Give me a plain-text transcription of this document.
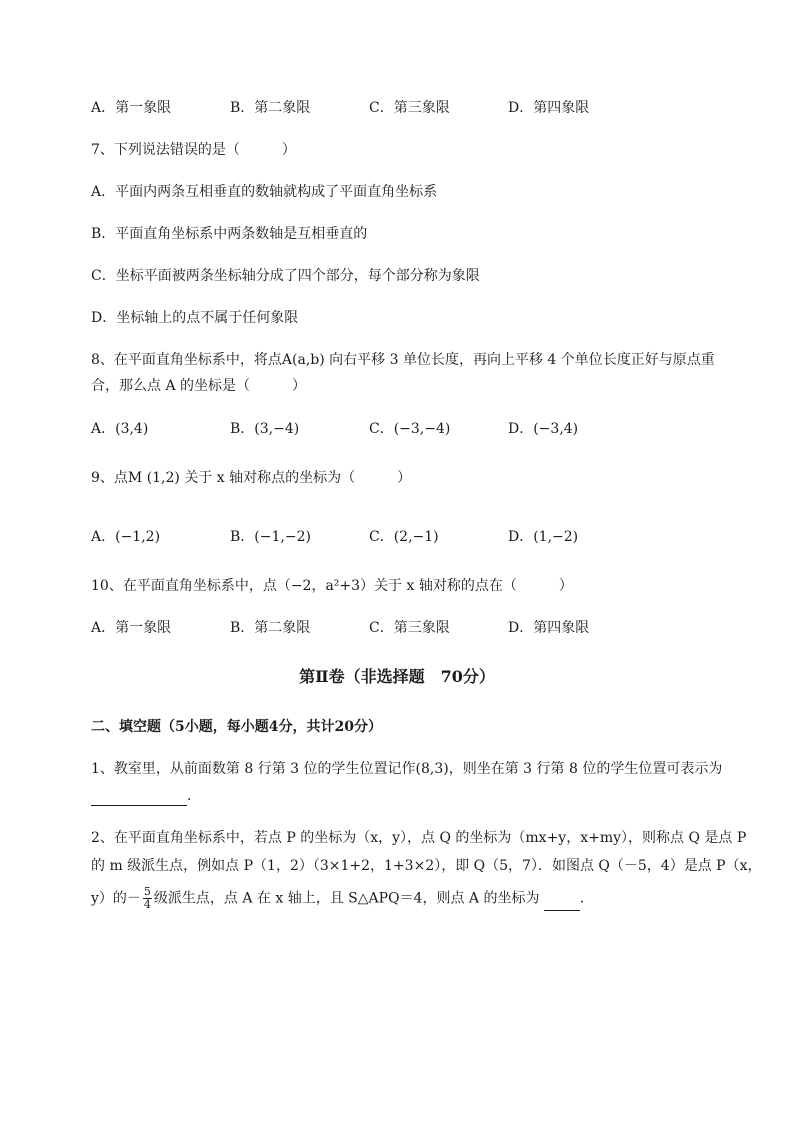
A．第一象限	B．第二象限	C．第三象限	D．第四象限
7、下列说法错误的是（　　　）
A．平面内两条互相垂直的数轴就构成了平面直角坐标系
B．平面直角坐标系中两条数轴是互相垂直的
C．坐标平面被两条坐标轴分成了四个部分，每个部分称为象限
D．坐标轴上的点不属于任何象限
8、在平面直角坐标系中，将点A(a,b) 向右平移 3 单位长度，再向上平移 4 个单位长度正好与原点重
合，那么点 A 的坐标是（　　　）
A．(3,4)	B．(3,−4)	C．(−3,−4)	D．(−3,4)
9、点M (1,2) 关于 x 轴对称点的坐标为（　　　）
A．(−1,2)	B．(−1,−2)	C．(2,−1)	D．(1,−2)
10、在平面直角坐标系中，点（−2，a²+3）关于 x 轴对称的点在（　　　）
A．第一象限	B．第二象限	C．第三象限	D．第四象限
第Ⅱ卷（非选择题　70分）
二、填空题（5小题，每小题4分，共计20分）
1、教室里，从前面数第 8 行第 3 位的学生位置记作(8,3)，则坐在第 3 行第 8 位的学生位置可表示为
.
2、在平面直角坐标系中，若点 P 的坐标为（x，y），点 Q 的坐标为（mx+y，x+my），则称点 Q 是点 P
的 m 级派生点，例如点 P（1，2）（3×1+2，1+3×2），即 Q（5，7）．如图点 Q（－5，4）是点 P（x，
y）的－ $\frac{5}{4}$ 级派生点，点 A 在 x 轴上，且 S△APQ＝4，则点 A 的坐标为	.
